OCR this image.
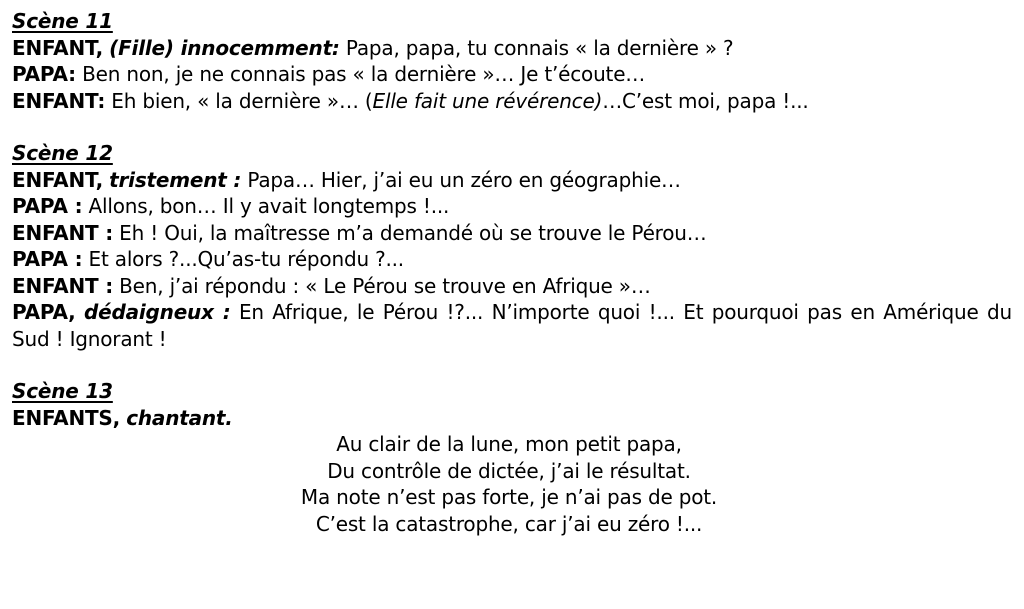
Scène 11
ENFANT, (Fille) innocemment: Papa, papa, tu connais « la dernière » ?
PAPA: Ben non, je ne connais pas « la dernière »… Je t’écoute…
ENFANT: Eh bien, « la dernière »… (Elle fait une révérence)…C’est moi, papa !...
Scène 12
ENFANT, tristement : Papa… Hier, j’ai eu un zéro en géographie…
PAPA : Allons, bon… Il y avait longtemps !...
ENFANT : Eh ! Oui, la maîtresse m’a demandé où se trouve le Pérou…
PAPA : Et alors ?...Qu’as-tu répondu ?...
ENFANT : Ben, j’ai répondu : « Le Pérou se trouve en Afrique »…
PAPA, dédaigneux : En Afrique, le Pérou !?... N’importe quoi !... Et pourquoi pas en Amérique du Sud ! Ignorant !
Scène 13
ENFANTS, chantant.
Au clair de la lune, mon petit papa,
Du contrôle de dictée, j’ai le résultat.
Ma note n’est pas forte, je n’ai pas de pot.
C’est la catastrophe, car j’ai eu zéro !...
